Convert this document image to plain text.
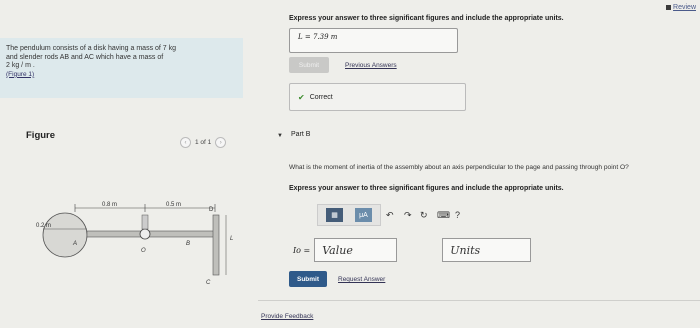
The pendulum consists of a disk having a mass of 7 kg
and slender rods AB and AC which have a mass of
2 kg / m .
(Figure 1)
Figure
‹	1 of 1	›
0.8 m	0.5 m
D
0.2 m
A
O
B
L
C
Review
Express your answer to three significant figures and include the appropriate units.
L = 7.39 m
Submit	Previous Answers
✔ Correct
▼ Part B
What is the moment of inertia of the assembly about an axis perpendicular to the page and passing through point O?
Express your answer to three significant figures and include the appropriate units.
▦	μA	↶ ↷ ↻ ⌨ ?
Io =	Value	Units
Submit	Request Answer
Provide Feedback
